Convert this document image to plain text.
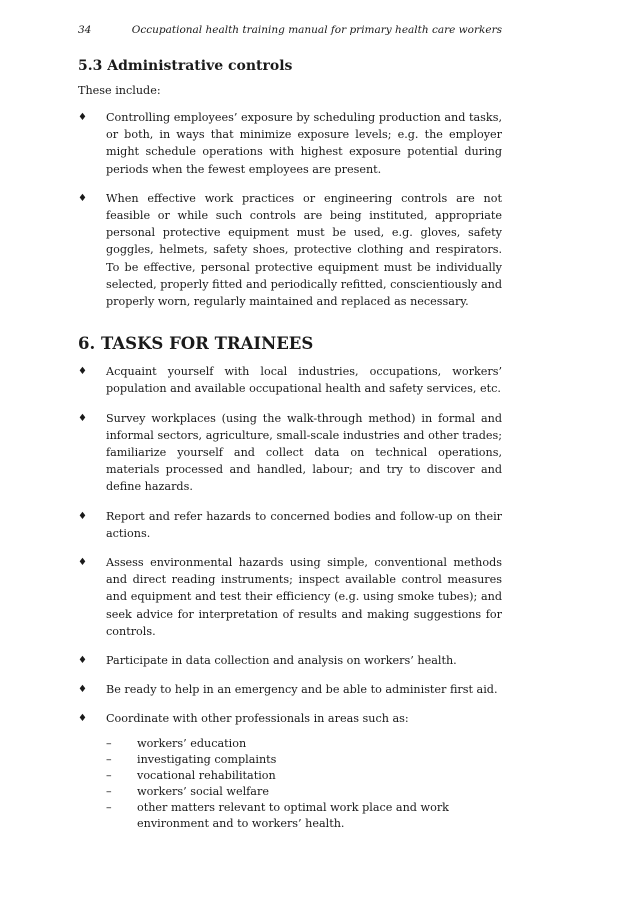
34	Occupational health training manual for primary health care workers
5.3 Administrative controls
These include:
♦	Controlling employees’ exposure by scheduling production and tasks, or both, in ways that minimize exposure levels; e.g. the employer might schedule operations with highest exposure potential during periods when the fewest employees are present.
♦	When effective work practices or engineering controls are not feasible or while such controls are being instituted, appropriate personal protective equipment must be used, e.g. gloves, safety goggles, helmets, safety shoes, protective clothing and respirators. To be effective, personal protective equipment must be individually selected, properly fitted and periodically refitted, conscientiously and properly worn, regularly maintained and replaced as necessary.
6. TASKS FOR TRAINEES
♦	Acquaint yourself with local industries, occupations, workers’ population and available occupational health and safety services, etc.
♦	Survey workplaces (using the walk-through method) in formal and informal sectors, agriculture, small-scale industries and other trades; familiarize yourself and collect data on technical operations, materials processed and handled, labour; and try to discover and define hazards.
♦	Report and refer hazards to concerned bodies and follow-up on their actions.
♦	Assess environmental hazards using simple, conventional methods and direct reading instruments; inspect available control measures and equipment and test their efficiency (e.g. using smoke tubes); and seek advice for interpretation of results and making suggestions for controls.
♦	Participate in data collection and analysis on workers’ health.
♦	Be ready to help in an emergency and be able to administer first aid.
♦	Coordinate with other professionals in areas such as:
–	workers’ education
–	investigating complaints
–	vocational rehabilitation
–	workers’ social welfare
–	other matters relevant to optimal work place and work environment and to workers’ health.
